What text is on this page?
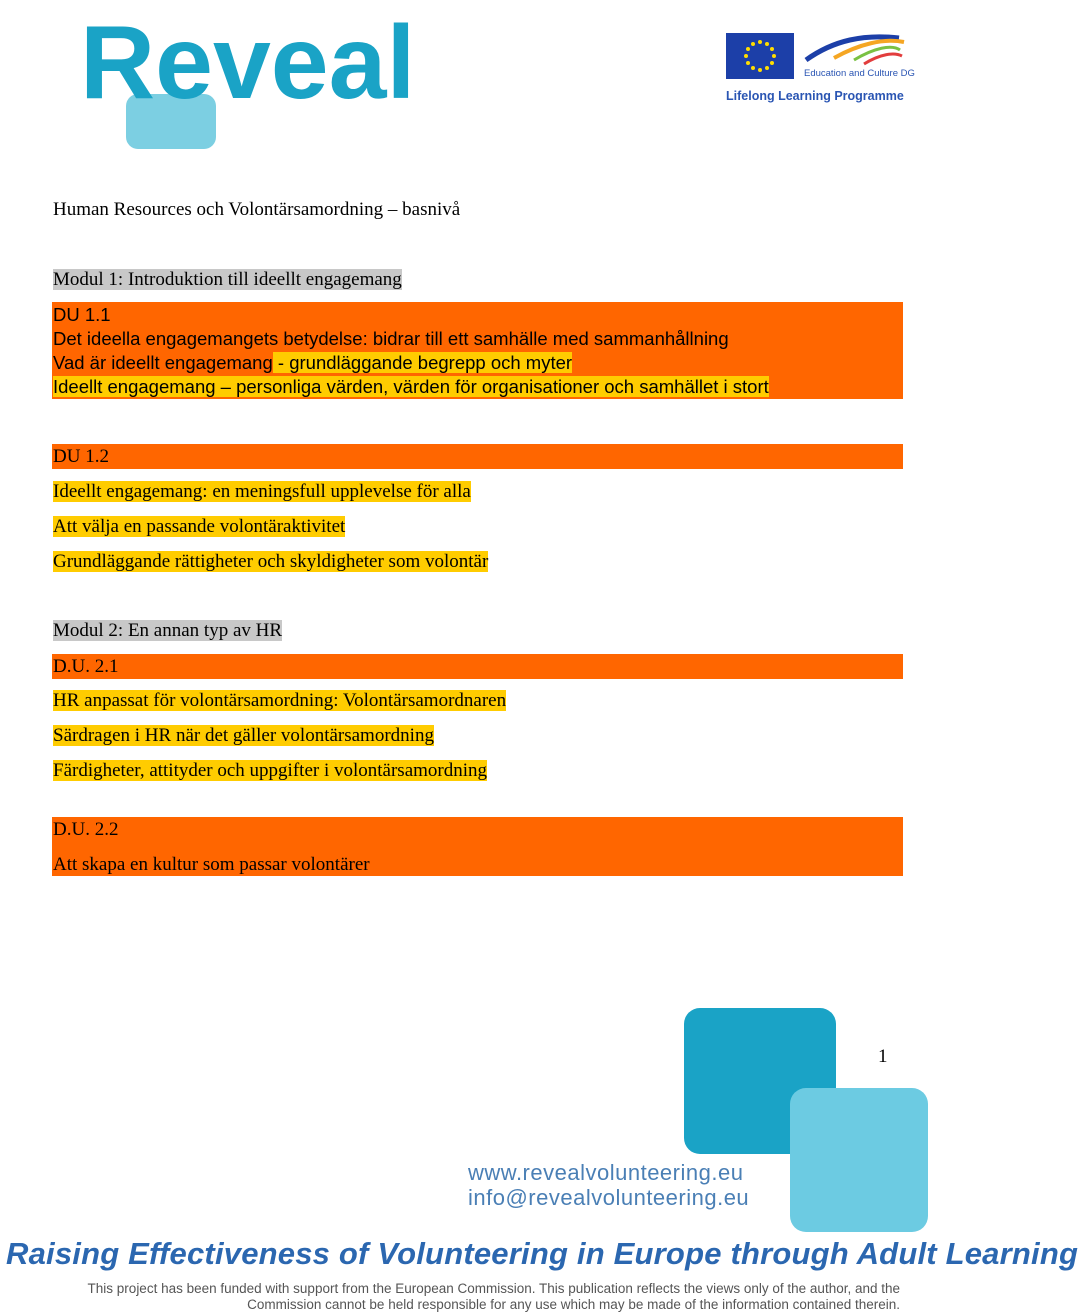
Reveal	Education and Culture DG
Lifelong Learning Programme
Human Resources och Volontärsamordning – basnivå
Modul 1: Introduktion till ideellt engagemang
DU 1.1
Det ideella engagemangets betydelse: bidrar till ett samhälle med sammanhållning
Vad är ideellt engagemang - grundläggande begrepp och myter
Ideellt engagemang – personliga värden, värden för organisationer och samhället i stort
DU 1.2
Ideellt engagemang: en meningsfull upplevelse för alla
Att välja en passande volontäraktivitet
Grundläggande rättigheter och skyldigheter som volontär
Modul 2: En annan typ av HR
D.U. 2.1
HR anpassat för volontärsamordning: Volontärsamordnaren
Särdragen i HR när det gäller volontärsamordning
Färdigheter, attityder och uppgifter i volontärsamordning
D.U. 2.2
Att skapa en kultur som passar volontärer
1
www.revealvolunteering.eu
info@revealvolunteering.eu
Raising Effectiveness of Volunteering in Europe through Adult Learning
This project has been funded with support from the European Commission. This publication reflects the views only of the author, and the
Commission cannot be held responsible for any use which may be made of the information contained therein.
